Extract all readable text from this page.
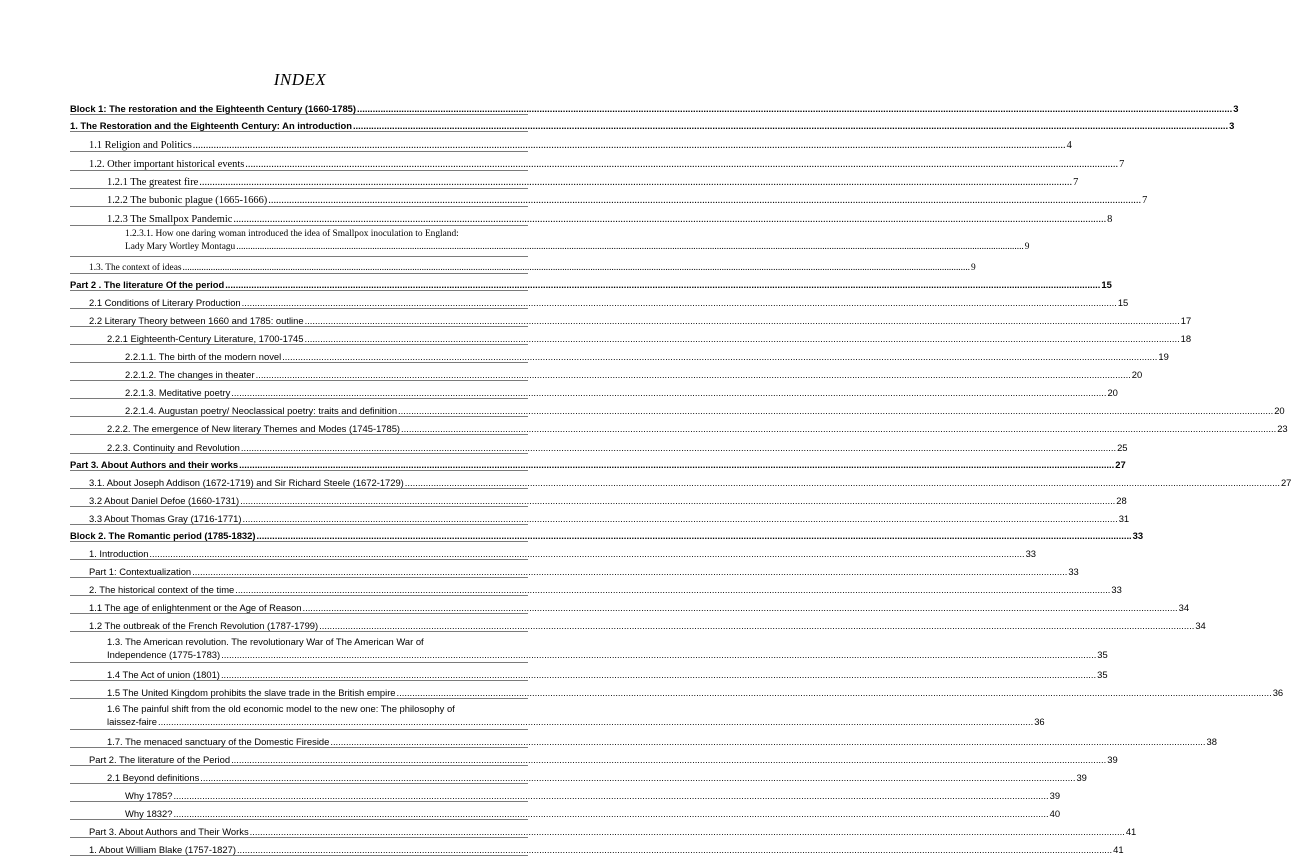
INDEX
Block 1: The restoration and the Eighteenth Century (1660-1785) .....	3
1. The Restoration and the Eighteenth Century: An introduction .....	3
1.1 Religion and Politics .....	4
1.2. Other important historical events .....	7
1.2.1 The greatest fire .....	7
1.2.2 The bubonic plague (1665-1666) .....	7
1.2.3 The Smallpox Pandemic .....	8
1.2.3.1. How one daring woman introduced the idea of Smallpox inoculation to England:
Lady Mary Wortley Montagu .....	9
1.3. The context of ideas .....	9
Part 2 . The literature Of the period .....	15
2.1 Conditions of Literary Production .....	15
2.2 Literary Theory between 1660 and 1785: outline .....	17
2.2.1 Eighteenth-Century Literature, 1700-1745 .....	18
2.2.1.1. The birth of the modern novel .....	19
2.2.1.2. The changes in theater .....	20
2.2.1.3. Meditative poetry .....	20
2.2.1.4. Augustan poetry/ Neoclassical poetry: traits and definition .....	20
2.2.2. The emergence of New literary Themes and Modes (1745-1785) .....	23
2.2.3. Continuity and Revolution .....	25
Part 3. About Authors and their works .....	27
3.1. About Joseph Addison (1672-1719) and Sir Richard Steele (1672-1729) .....	27
3.2 About Daniel Defoe (1660-1731) .....	28
3.3 About Thomas Gray (1716-1771) .....	31
Block 2. The Romantic period (1785-1832) .....	33
1. Introduction .....	33
Part 1: Contextualization .....	33
2. The historical context of the time .....	33
1.1 The age of enlightenment or the Age of Reason .....	34
1.2 The outbreak of the French Revolution (1787-1799) .....	34
1.3. The American revolution. The revolutionary War of The American War of
Independence (1775-1783) .....	35
1.4 The Act of union (1801) .....	35
1.5 The United Kingdom prohibits the slave trade in the British empire .....	36
1.6 The painful shift from the old economic model to the new one: The philosophy of
laissez-faire .....	36
1.7. The menaced sanctuary of the Domestic Fireside .....	38
Part 2. The literature of the Period .....	39
2.1 Beyond definitions .....	39
Why 1785? .....	39
Why 1832? .....	40
Part 3. About Authors and Their Works .....	41
1. About William Blake (1757-1827) .....	41
